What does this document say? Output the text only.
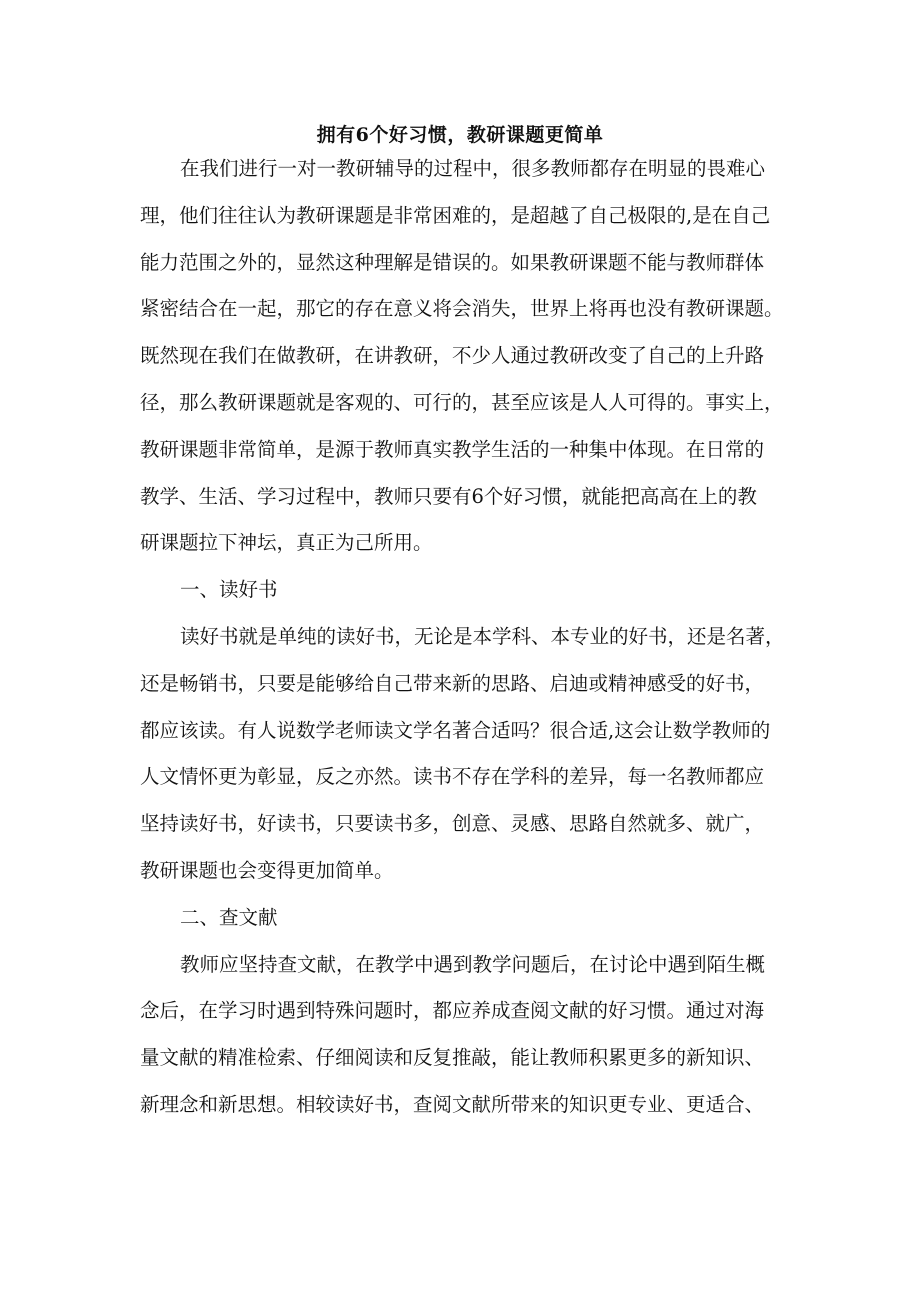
拥有6个好习惯，教研课题更简单

在我们进行一对一教研辅导的过程中，很多教师都存在明显的畏难心

理，他们往往认为教研课题是非常困难的，是超越了自己极限的,是在自己

能力范围之外的，显然这种理解是错误的。如果教研课题不能与教师群体

紧密结合在一起，那它的存在意义将会消失，世界上将再也没有教研课题。

既然现在我们在做教研，在讲教研，不少人通过教研改变了自己的上升路

径，那么教研课题就是客观的、可行的，甚至应该是人人可得的。事实上，

教研课题非常简单，是源于教师真实教学生活的一种集中体现。在日常的

教学、生活、学习过程中，教师只要有6个好习惯，就能把高高在上的教

研课题拉下神坛，真正为己所用。

一、读好书

读好书就是单纯的读好书，无论是本学科、本专业的好书，还是名著，

还是畅销书，只要是能够给自己带来新的思路、启迪或精神感受的好书，

都应该读。有人说数学老师读文学名著合适吗？很合适,这会让数学教师的

人文情怀更为彰显，反之亦然。读书不存在学科的差异，每一名教师都应

坚持读好书，好读书，只要读书多，创意、灵感、思路自然就多、就广，

教研课题也会变得更加简单。

二、查文献

教师应坚持查文献，在教学中遇到教学问题后，在讨论中遇到陌生概

念后，在学习时遇到特殊问题时，都应养成查阅文献的好习惯。通过对海

量文献的精准检索、仔细阅读和反复推敲，能让教师积累更多的新知识、

新理念和新思想。相较读好书，查阅文献所带来的知识更专业、更适合、
